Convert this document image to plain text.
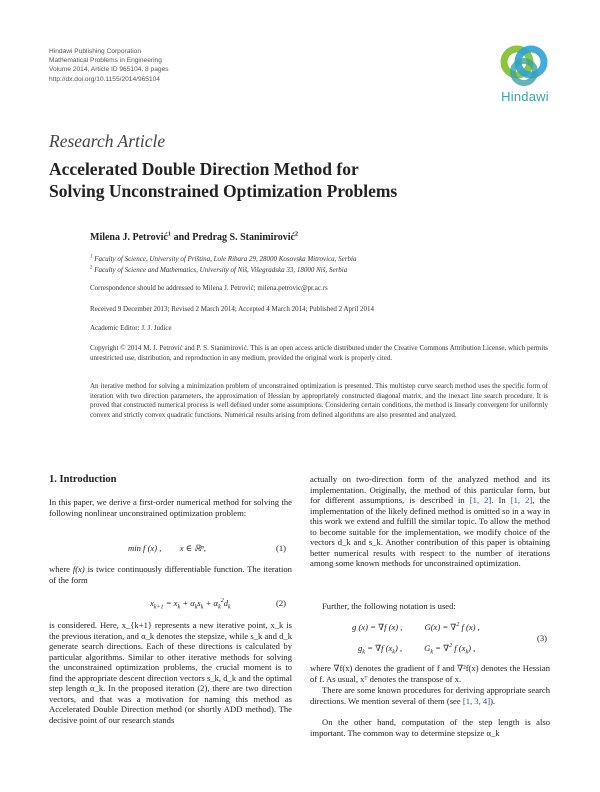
Hindawi Publishing Corporation
Mathematical Problems in Engineering
Volume 2014, Article ID 965104, 8 pages
http://dx.doi.org/10.1155/2014/965104
Hindawi
Research Article
Accelerated Double Direction Method for
Solving Unconstrained Optimization Problems
Milena J. Petrović$^1$ and Predrag S. Stanimirović$^2$
$^1$ Faculty of Science, University of Priština, Lole Ribara 29, 28000 Kosovska Mitrovica, Serbia
$^2$ Faculty of Science and Mathematics, University of Niš, Višegradska 33, 18000 Niš, Serbia
Correspondence should be addressed to Milena J. Petrović; milena.petrovic@pr.ac.rs
Received 9 December 2013; Revised 2 March 2014; Accepted 4 March 2014; Published 2 April 2014
Academic Editor: J. J. Judice
Copyright © 2014 M. J. Petrović and P. S. Stanimirović. This is an open access article distributed under the Creative Commons Attribution License, which permits unrestricted use, distribution, and reproduction in any medium, provided the original work is properly cited.
An iterative method for solving a minimization problem of unconstrained optimization is presented. This multistep curve search method uses the specific form of iteration with two direction parameters, the approximation of Hessian by appropriately constructed diagonal matrix, and the inexact line search procedure. It is proved that constructed numerical process is well defined under some assumptions. Considering certain conditions, the method is linearly convergent for uniformly convex and strictly convex quadratic functions. Numerical results arising from defined algorithms are also presented and analyzed.
1. Introduction
In this paper, we derive a first-order numerical method for solving the following nonlinear unconstrained optimization problem:
min f (x) , x ∈ ℝⁿ,	(1)
where f(x) is twice continuously differentiable function. The iteration of the form
$x_{k+1} = x_k + \alpha_ks_k + \alpha_k^2d_k$	(2)
is considered. Here, x_{k+1} represents a new iterative point, x_k is the previous iteration, and α_k denotes the stepsize, while s_k and d_k generate search directions. Each of these directions is calculated by particular algorithms. Similar to other iterative methods for solving the unconstrained optimization problems, the crucial moment is to find the appropriate descent direction vectors s_k, d_k and the optimal step length α_k. In the proposed iteration (2), there are two direction vectors, and that was a motivation for naming this method as Accelerated Double Direction method (or shortly ADD method). The decisive point of our research stands
actually on two-direction form of the analyzed method and its implementation. Originally, the method of this particular form, but for different assumptions, is described in [1, 2]. In [1, 2], the implementation of the likely defined method is omitted so in a way in this work we extend and fulfill the similar topic. To allow the method to become suitable for the implementation, we modify choice of the vectors d_k and s_k. Another contribution of this paper is obtaining better numerical results with respect to the number of iterations among some known methods for unconstrained optimization.
Further, the following notation is used:
g (x) = ∇f (x) ,	G(x) = ∇$^2$ f (x) ,
$g_k = \nabla f$ $(x_k)$ ,	$G_k = \nabla^2$ f $(x_k)$ ,
(3)
where ∇f(x) denotes the gradient of f and ∇²f(x) denotes the Hessian of f. As usual, xᵀ denotes the transpose of x.
There are some known procedures for deriving appropriate search directions. We mention several of them (see [1, 3, 4]).
On the other hand, computation of the step length is also important. The common way to determine stepsize α_k
